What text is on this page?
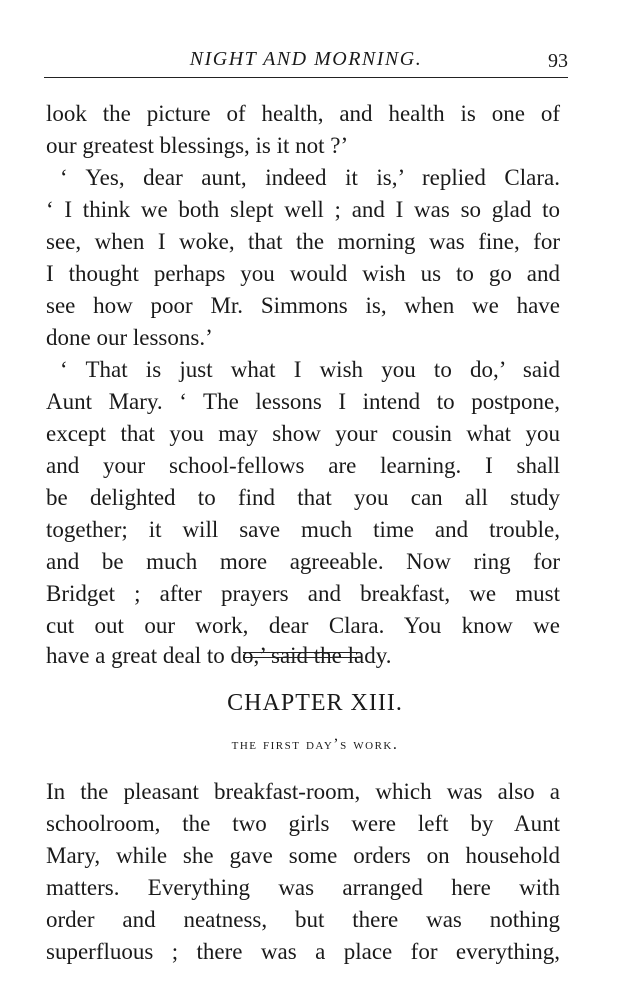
NIGHT AND MORNING.	93
look the picture of health, and health is one of
our greatest blessings, is it not ?’
‘ Yes, dear aunt, indeed it is,’ replied Clara.
‘ I think we both slept well ; and I was so glad to
see, when I woke, that the morning was fine, for
I thought perhaps you would wish us to go and
see how poor Mr. Simmons is, when we have
done our lessons.’
‘ That is just what I wish you to do,’ said
Aunt Mary. ‘ The lessons I intend to postpone,
except that you may show your cousin what you
and your school-fellows are learning. I shall
be delighted to find that you can all study
together; it will save much time and trouble,
and be much more agreeable. Now ring for
Bridget ; after prayers and breakfast, we must
cut out our work, dear Clara. You know we
have a great deal to do,’ said the lady.
CHAPTER XIII.
the first day’s work.
In the pleasant breakfast-room, which was also a
schoolroom, the two girls were left by Aunt
Mary, while she gave some orders on household
matters. Everything was arranged here with
order and neatness, but there was nothing
superfluous ; there was a place for everything,
